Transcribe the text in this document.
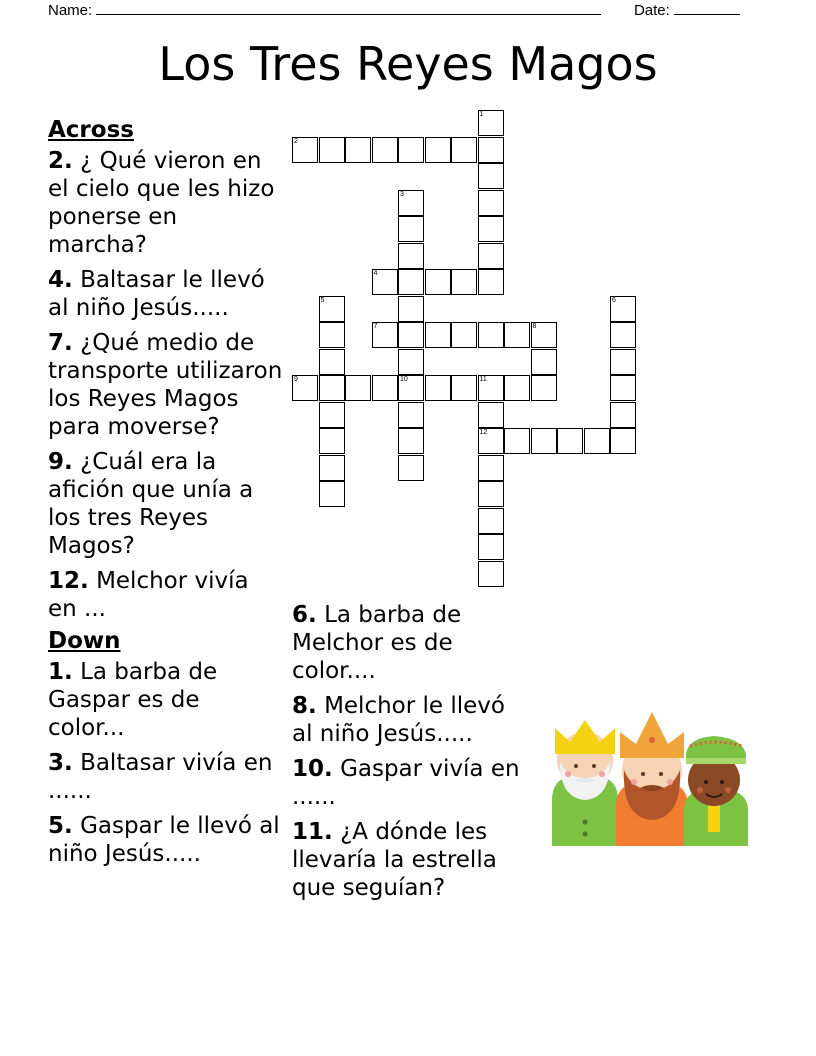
Name:	Date:
Los Tres Reyes Magos
Across
2. ¿ Qué vieron en el cielo que les hizo ponerse en marcha?
4. Baltasar le llevó al niño Jesús.....
7. ¿Qué medio de transporte utilizaron los Reyes Magos para moverse?
9. ¿Cuál era la afición que unía a los tres Reyes Magos?
12. Melchor vivía en ...
Down
1. La barba de Gaspar es de color...
3. Baltasar vivía en ......
5. Gaspar le llevó al niño Jesús.....
6. La barba de Melchor es de color....
8. Melchor le llevó al niño Jesús.....
10. Gaspar vivía en ......
11. ¿A dónde les llevaría la estrella que seguían?
1
2
3
10
4
5	6
7	8
9	11
12
